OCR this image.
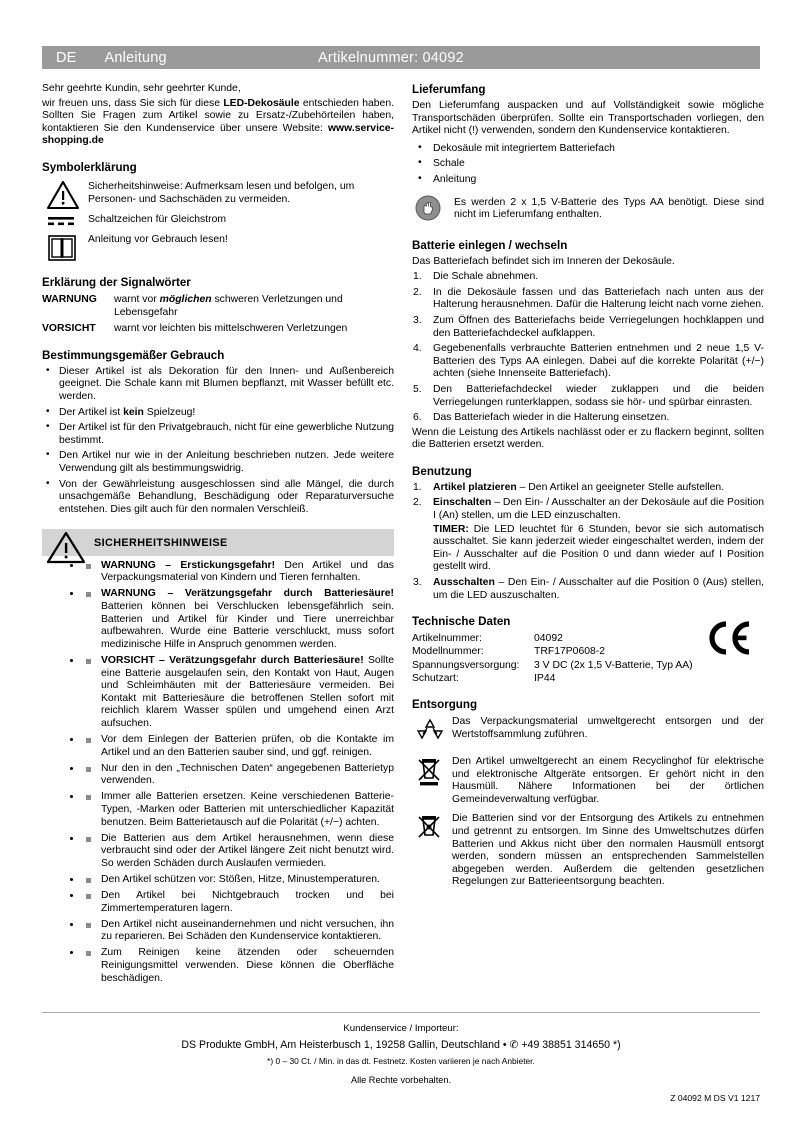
DE	Anleitung	Artikelnummer: 04092
Sehr geehrte Kundin, sehr geehrter Kunde,
wir freuen uns, dass Sie sich für diese LED-Dekosäule entschieden haben. Sollten Sie Fragen zum Artikel sowie zu Ersatz-/Zubehörteilen haben, kontaktieren Sie den Kundenservice über unsere Website: www.service-shopping.de
Symbolerklärung
Sicherheitshinweise: Aufmerksam lesen und befolgen, um Personen- und Sachschäden zu vermeiden.
Schaltzeichen für Gleichstrom
Anleitung vor Gebrauch lesen!
Erklärung der Signalwörter
WARNUNG	warnt vor möglichen schweren Verletzungen und Lebensgefahr
VORSICHT	warnt vor leichten bis mittelschweren Verletzungen
Bestimmungsgemäßer Gebrauch
• Dieser Artikel ist als Dekoration für den Innen- und Außenbereich geeignet. Die Schale kann mit Blumen bepflanzt, mit Wasser befüllt etc. werden.
• Der Artikel ist kein Spielzeug!
• Der Artikel ist für den Privatgebrauch, nicht für eine gewerbliche Nutzung bestimmt.
• Den Artikel nur wie in der Anleitung beschrieben nutzen. Jede weitere Verwendung gilt als bestimmungswidrig.
• Von der Gewährleistung ausgeschlossen sind alle Mängel, die durch unsachgemäße Behandlung, Beschädigung oder Reparaturversuche entstehen. Dies gilt auch für den normalen Verschleiß.
SICHERHEITSHINWEISE
• WARNUNG – Erstickungsgefahr! Den Artikel und das Verpackungsmaterial von Kindern und Tieren fernhalten.
• WARNUNG – Verätzungsgefahr durch Batteriesäure! Batterien können bei Verschlucken lebensgefährlich sein. Batterien und Artikel für Kinder und Tiere unerreichbar aufbewahren. Wurde eine Batterie verschluckt, muss sofort medizinische Hilfe in Anspruch genommen werden.
• VORSICHT – Verätzungsgefahr durch Batteriesäure! Sollte eine Batterie ausgelaufen sein, den Kontakt von Haut, Augen und Schleimhäuten mit der Batteriesäure vermeiden. Bei Kontakt mit Batteriesäure die betroffenen Stellen sofort mit reichlich klarem Wasser spülen und umgehend einen Arzt aufsuchen.
• Vor dem Einlegen der Batterien prüfen, ob die Kontakte im Artikel und an den Batterien sauber sind, und ggf. reinigen.
• Nur den in den „Technischen Daten“ angegebenen Batterietyp verwenden.
• Immer alle Batterien ersetzen. Keine verschiedenen Batterie-Typen, -Marken oder Batterien mit unterschiedlicher Kapazität benutzen. Beim Batterietausch auf die Polarität (+/−) achten.
• Die Batterien aus dem Artikel herausnehmen, wenn diese verbraucht sind oder der Artikel längere Zeit nicht benutzt wird. So werden Schäden durch Auslaufen vermieden.
• Den Artikel schützen vor: Stößen, Hitze, Minustemperaturen.
• Den Artikel bei Nichtgebrauch trocken und bei Zimmertemperaturen lagern.
• Den Artikel nicht auseinandernehmen und nicht versuchen, ihn zu reparieren. Bei Schäden den Kundenservice kontaktieren.
• Zum Reinigen keine ätzenden oder scheuernden Reinigungsmittel verwenden. Diese können die Oberfläche beschädigen.
Lieferumfang
Den Lieferumfang auspacken und auf Vollständigkeit sowie mögliche Transportschäden überprüfen. Sollte ein Transportschaden vorliegen, den Artikel nicht (!) verwenden, sondern den Kundenservice kontaktieren.
• Dekosäule mit integriertem Batteriefach
• Schale
• Anleitung
Es werden 2 x 1,5 V-Batterie des Typs AA benötigt. Diese sind nicht im Lieferumfang enthalten.
Batterie einlegen / wechseln
Das Batteriefach befindet sich im Inneren der Dekosäule.
Die Schale abnehmen.
In die Dekosäule fassen und das Batteriefach nach unten aus der Halterung herausnehmen. Dafür die Halterung leicht nach vorne ziehen.
Zum Öffnen des Batteriefachs beide Verriegelungen hochklappen und den Batteriefachdeckel aufklappen.
Gegebenenfalls verbrauchte Batterien entnehmen und 2 neue 1,5 V-Batterien des Typs AA einlegen. Dabei auf die korrekte Polarität (+/−) achten (siehe Innenseite Batteriefach).
Den Batteriefachdeckel wieder zuklappen und die beiden Verriegelungen runterklappen, sodass sie hör- und spürbar einrasten.
Das Batteriefach wieder in die Halterung einsetzen.
Wenn die Leistung des Artikels nachlässt oder er zu flackern beginnt, sollten die Batterien ersetzt werden.
Benutzung
Artikel platzieren – Den Artikel an geeigneter Stelle aufstellen.
Einschalten – Den Ein- / Ausschalter an der Dekosäule auf die Position I (An) stellen, um die LED einzuschalten.
TIMER: Die LED leuchtet für 6 Stunden, bevor sie sich automatisch ausschaltet. Sie kann jederzeit wieder eingeschaltet werden, indem der Ein- / Ausschalter auf die Position 0 und dann wieder auf I Position gestellt wird.
Ausschalten – Den Ein- / Ausschalter auf die Position 0 (Aus) stellen, um die LED auszuschalten.
Technische Daten
Artikelnummer:	04092
Modellnummer:	TRF17P0608-2
Spannungsversorgung:	3 V DC (2x 1,5 V-Batterie, Typ AA)
Schutzart:	IP44
Entsorgung
Das Verpackungsmaterial umweltgerecht entsorgen und der Wertstoffsammlung zuführen.
Den Artikel umweltgerecht an einem Recyclinghof für elektrische und elektronische Altgeräte entsorgen. Er gehört nicht in den Hausmüll. Nähere Informationen bei der örtlichen Gemeindeverwaltung verfügbar.
Die Batterien sind vor der Entsorgung des Artikels zu entnehmen und getrennt zu entsorgen. Im Sinne des Umweltschutzes dürfen Batterien und Akkus nicht über den normalen Hausmüll entsorgt werden, sondern müssen an entsprechenden Sammelstellen abgegeben werden. Außerdem die geltenden gesetzlichen Regelungen zur Batterieentsorgung beachten.
Kundenservice / Importeur:
DS Produkte GmbH, Am Heisterbusch 1, 19258 Gallin, Deutschland • ✆ +49 38851 314650 *)
*) 0 – 30 Ct. / Min. in das dt. Festnetz. Kosten variieren je nach Anbieter.
Alle Rechte vorbehalten.
Z 04092 M DS V1 1217
